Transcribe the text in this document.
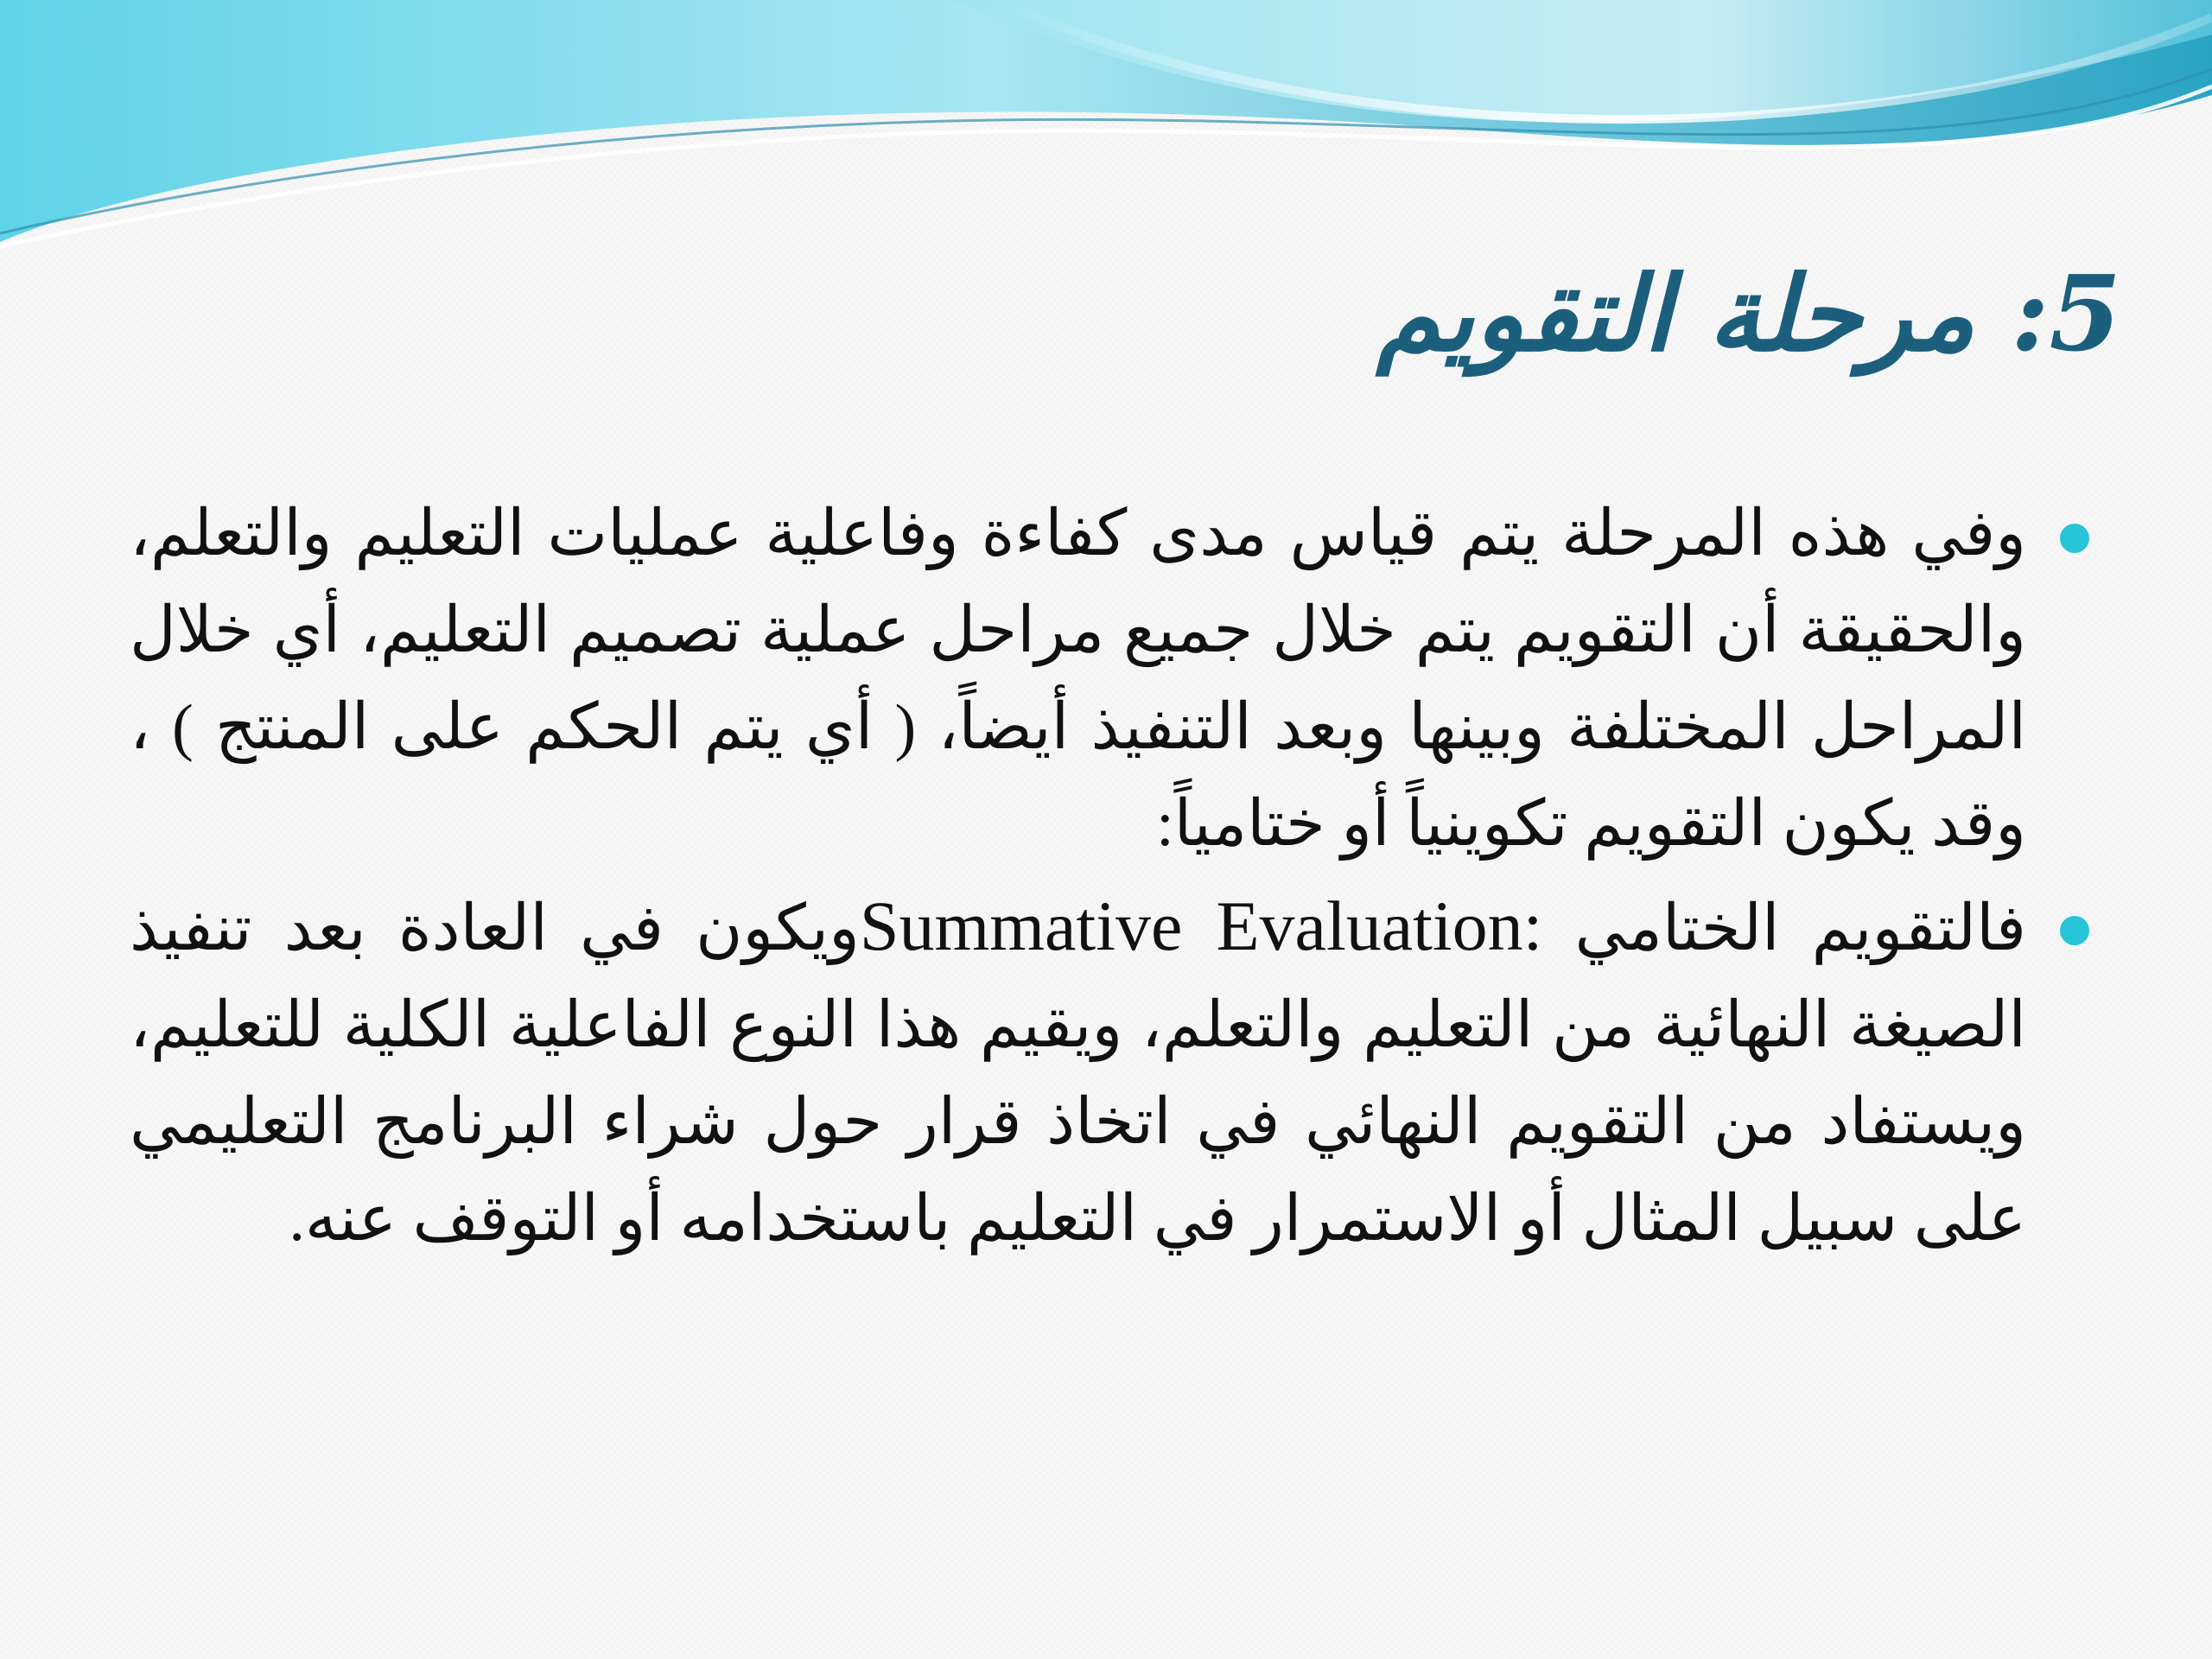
5: مرحلة التقويم
وفي هذه المرحلة يتم قياس مدى كفاءة وفاعلية عمليات التعليم والتعلم، والحقيقة أن التقويم يتم خلال جميع مراحل عملية تصميم التعليم، أي خلال المراحل المختلفة وبينها وبعد التنفيذ أيضاً، ( أي يتم الحكم على المنتج ) ، وقد يكون التقويم تكوينياً أو ختامياً:
فالتقويم الختامي Summative Evaluation:ويكون في العادة بعد تنفيذ الصيغة النهائية من التعليم والتعلم، ويقيم هذا النوع الفاعلية الكلية للتعليم، ويستفاد من التقويم النهائي في اتخاذ قرار حول شراء البرنامج التعليمي على سبيل المثال أو الاستمرار في التعليم باستخدامه أو التوقف عنه.
